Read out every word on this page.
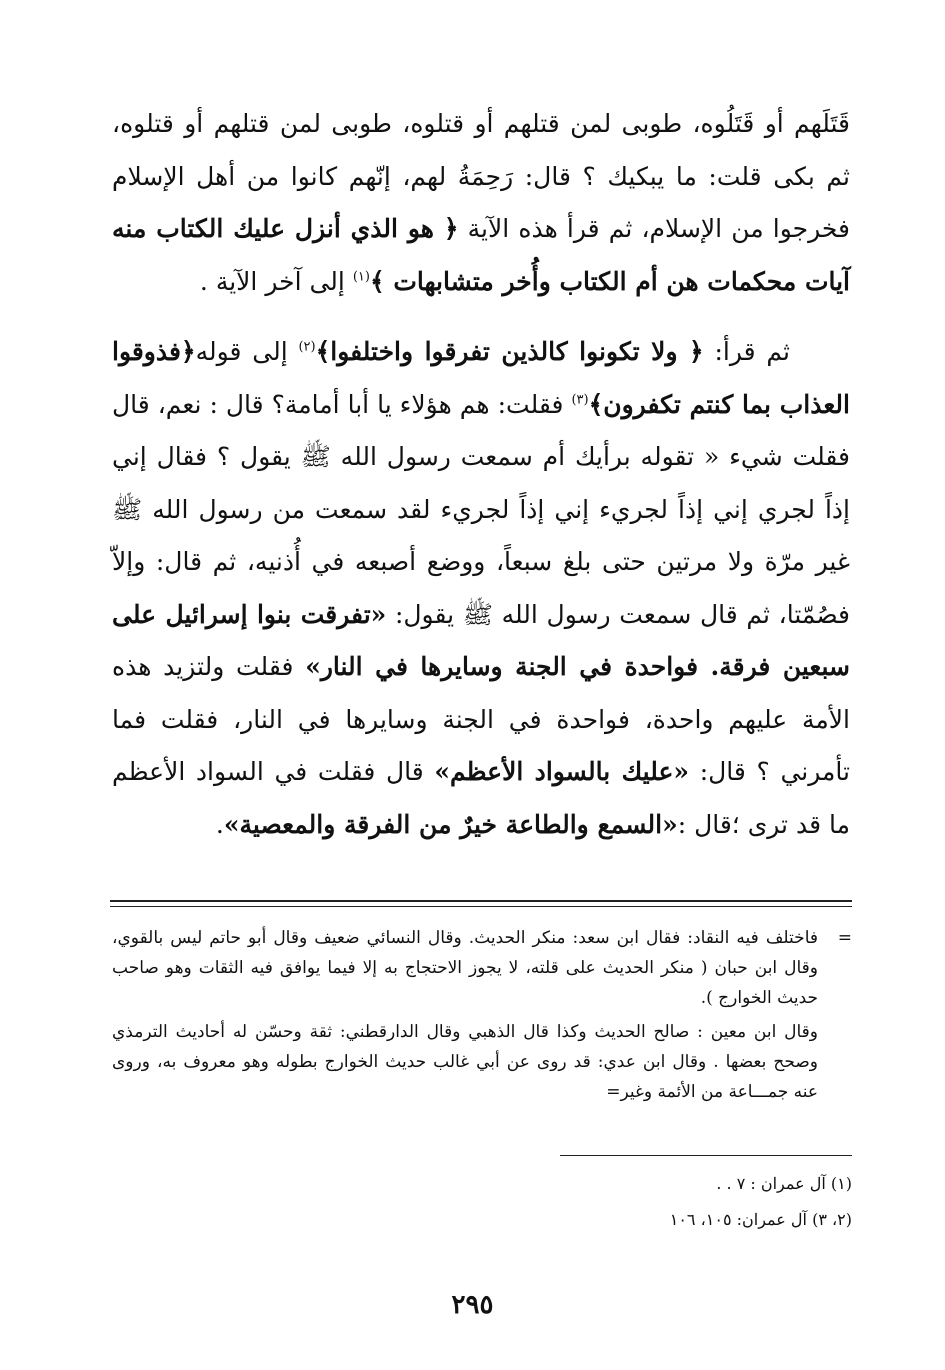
قَتَلَهم أو قَتَلُوه، طوبى لمن قتلهم أو قتلوه، طوبى لمن قتلهم أو قتلوه، ثم بكى قلت: ما يبكيك ؟ قال: رَحِمَةُ لهم، إنّهم كانوا من أهل الإسلام فخرجوا من الإسلام، ثم قرأ هذه الآية ﴿ هو الذي أنزل عليك الكتاب منه آيات محكمات هن أم الكتاب وأُخر متشابهات ﴾$^{(١)}$ إلى آخر الآية .

ثم قرأ: ﴿ ولا تكونوا كالذين تفرقوا واختلفوا﴾$^{(٢)}$ إلى قوله﴿فذوقوا العذاب بما كنتم تكفرون﴾$^{(٣)}$ فقلت: هم هؤلاء يا أبا أمامة؟ قال : نعم، قال فقلت شيء « تقوله برأيك أم سمعت رسول الله ﷺ يقول ؟ فقال إني إذاً لجري إني إذاً لجريء إني إذاً لجريء لقد سمعت من رسول الله ﷺ غير مرّة ولا مرتين حتى بلغ سبعاً، ووضع أصبعه في أُذنيه، ثم قال: وإلاّ فصُمّتا، ثم قال سمعت رسول الله ﷺ يقول: «تفرقت بنوا إسرائيل على سبعين فرقة. فواحدة في الجنة وسايرها في النار» فقلت ولتزيد هذه الأمة عليهم واحدة، فواحدة في الجنة وسايرها في النار، فقلت فما تأمرني ؟ قال: «عليك بالسواد الأعظم» قال فقلت في السواد الأعظم ما قد ترى ؛قال :«السمع والطاعة خيرٌ من الفرقة والمعصية».

=

فاختلف فيه النقاد: فقال ابن سعد: منكر الحديث. وقال النسائي ضعيف وقال أبو حاتم ليس بالقوي، وقال ابن حبان ( منكر الحديث على قلته، لا يجوز الاحتجاج به إلا فيما يوافق فيه الثقات وهو صاحب حديث الخوارج ).

وقال ابن معين : صالح الحديث وكذا قال الذهبي وقال الدارقطني: ثقة وحسّن له أحاديث الترمذي وصحح بعضها . وقال ابن عدي: قد روى عن أبي غالب حديث الخوارج بطوله وهو معروف به، وروى عنه جمـــاعة من الأئمة وغير=

(١) آل عمران : ٧ . .

(٢، ٣) آل عمران: ١٠٥، ١٠٦

٢٩٥
